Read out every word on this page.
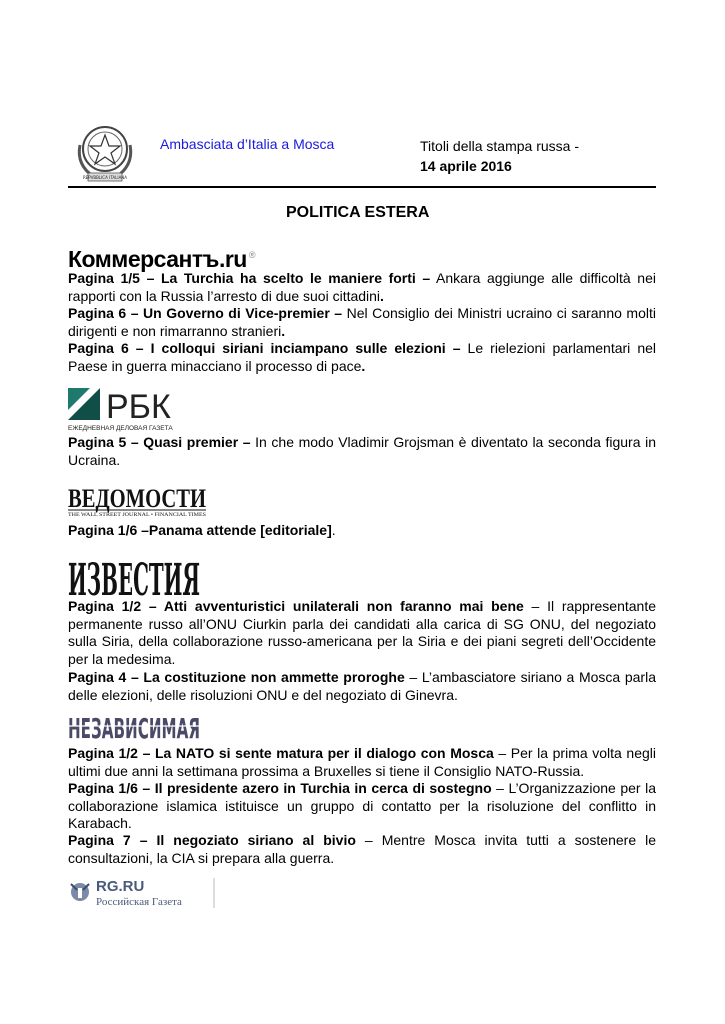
REPVBBLICA ITALIANA
Ambasciata d’Italia a Mosca	Titoli della stampa russa -
14 aprile 2016
POLITICA ESTERA
Коммерсантъ.ru ®
Pagina 1/5 – La Turchia ha scelto le maniere forti – Ankara aggiunge alle difficoltà nei rapporti con la Russia l’arresto di due suoi cittadini.
Pagina 6 – Un Governo di Vice-premier – Nel Consiglio dei Ministri ucraino ci saranno molti dirigenti e non rimarranno stranieri.
Pagina 6 – I colloqui siriani inciampano sulle elezioni – Le rielezioni parlamentari nel Paese in guerra minacciano il processo di pace.
РБК
ЕЖЕДНЕВНАЯ ДЕЛОВАЯ ГАЗЕТА
Pagina 5 – Quasi premier – In che modo Vladimir Grojsman è diventato la seconda figura in Ucraina.
ВЕДОМОСТИ
THE WALL STREET JOURNAL • FINANCIAL TIMES
Pagina 1/6 –Panama attende [editoriale].
ИЗВЕСТИЯ
Pagina 1/2 – Atti avventuristici unilaterali non faranno mai bene – Il rappresentante permanente russo all’ONU Ciurkin parla dei candidati alla carica di SG ONU, del negoziato sulla Siria, della collaborazione russo-americana per la Siria e dei piani segreti dell’Occidente per la medesima.
Pagina 4 – La costituzione non ammette proroghe – L’ambasciatore siriano a Mosca parla delle elezioni, delle risoluzioni ONU e del negoziato di Ginevra.
НЕЗАВИСИМАЯ
Pagina 1/2 – La NATO si sente matura per il dialogo con Mosca – Per la prima volta negli ultimi due anni la settimana prossima a Bruxelles si tiene il Consiglio NATO-Russia.
Pagina 1/6 – Il presidente azero in Turchia in cerca di sostegno – L’Organizzazione per la collaborazione islamica istituisce un gruppo di contatto per la risoluzione del conflitto in Karabach.
Pagina 7 – Il negoziato siriano al bivio – Mentre Mosca invita tutti a sostenere le consultazioni, la CIA si prepara alla guerra.
RG.RU
Российская Газета
